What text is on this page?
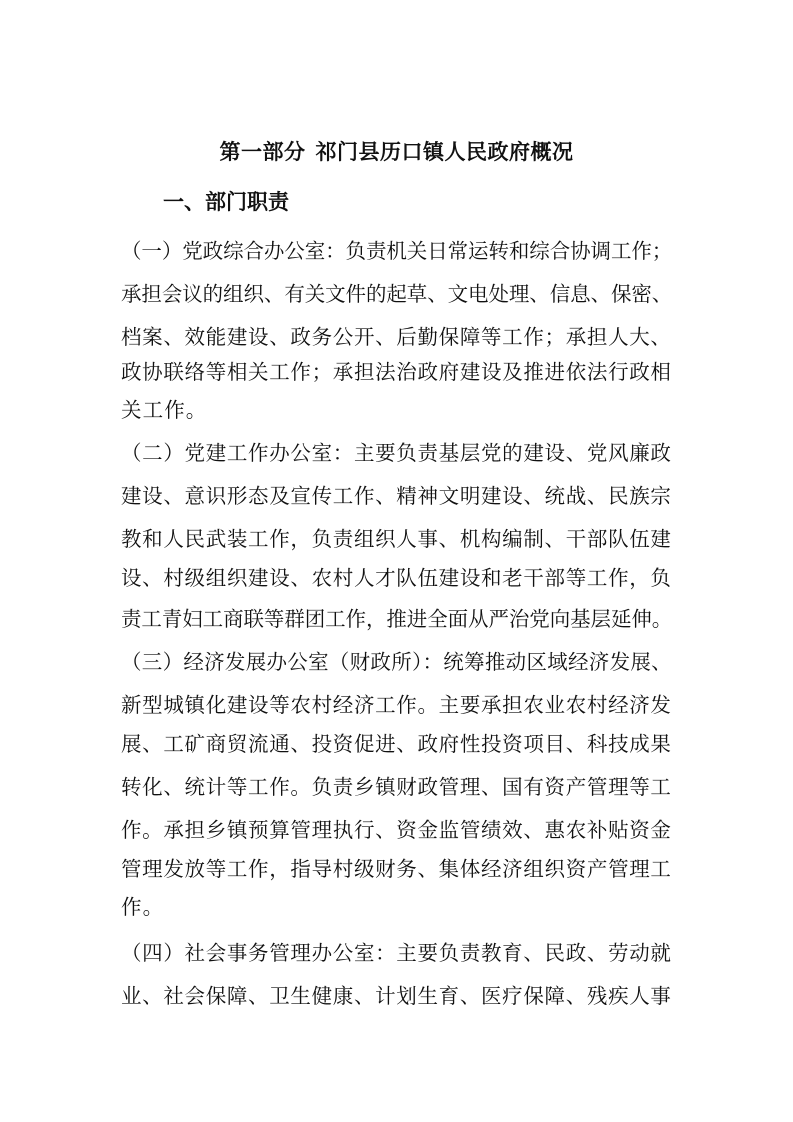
第一部分 祁门县历口镇人民政府概况
一、部门职责
（一）党政综合办公室：负责机关日常运转和综合协调工作；
承担会议的组织、有关文件的起草、文电处理、信息、保密、
档案、效能建设、政务公开、后勤保障等工作；承担人大、
政协联络等相关工作；承担法治政府建设及推进依法行政相
关工作。
（二）党建工作办公室：主要负责基层党的建设、党风廉政
建设、意识形态及宣传工作、精神文明建设、统战、民族宗
教和人民武装工作，负责组织人事、机构编制、干部队伍建
设、村级组织建设、农村人才队伍建设和老干部等工作，负
责工青妇工商联等群团工作，推进全面从严治党向基层延伸。
（三）经济发展办公室（财政所）：统筹推动区域经济发展、
新型城镇化建设等农村经济工作。主要承担农业农村经济发
展、工矿商贸流通、投资促进、政府性投资项目、科技成果
转化、统计等工作。负责乡镇财政管理、国有资产管理等工
作。承担乡镇预算管理执行、资金监管绩效、惠农补贴资金
管理发放等工作，指导村级财务、集体经济组织资产管理工
作。
（四）社会事务管理办公室：主要负责教育、民政、劳动就
业、社会保障、卫生健康、计划生育、医疗保障、残疾人事
